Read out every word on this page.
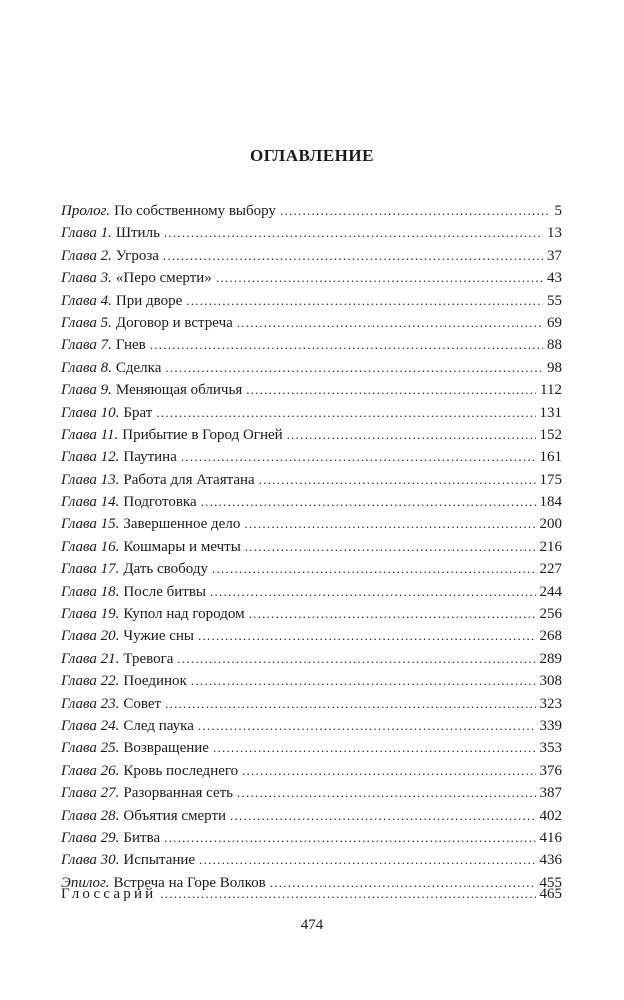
ОГЛАВЛЕНИЕ
Пролог. По собственному выбору . . .	5
Глава 1. Штиль . . .	13
Глава 2. Угроза . . .	37
Глава 3. «Перо смерти» . . .	43
Глава 4. При дворе . . .	55
Глава 5. Договор и встреча . . .	69
Глава 7. Гнев . . .	88
Глава 8. Сделка . . .	98
Глава 9. Меняющая обличья . . .	112
Глава 10. Брат . . .	131
Глава 11. Прибытие в Город Огней . . .	152
Глава 12. Паутина . . .	161
Глава 13. Работа для Атаятана . . .	175
Глава 14. Подготовка . . .	184
Глава 15. Завершенное дело . . .	200
Глава 16. Кошмары и мечты . . .	216
Глава 17. Дать свободу . . .	227
Глава 18. После битвы . . .	244
Глава 19. Купол над городом . . .	256
Глава 20. Чужие сны . . .	268
Глава 21. Тревога . . .	289
Глава 22. Поединок . . .	308
Глава 23. Совет . . .	323
Глава 24. След паука . . .	339
Глава 25. Возвращение . . .	353
Глава 26. Кровь последнего . . .	376
Глава 27. Разорванная сеть . . .	387
Глава 28. Объятия смерти . . .	402
Глава 29. Битва . . .	416
Глава 30. Испытание . . .	436
Эпилог. Встреча на Горе Волков . . .	455
Глоссарий . . .	465
474
